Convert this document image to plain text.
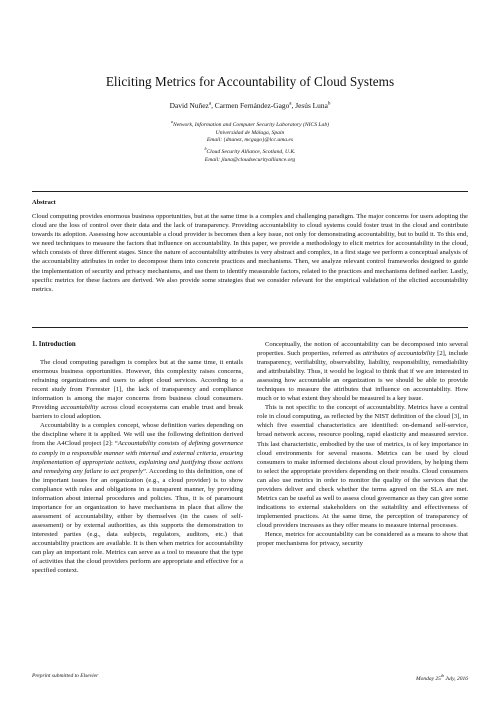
Eliciting Metrics for Accountability of Cloud Systems
David Nuñez$^a$, Carmen Fernández-Gago$^a$, Jesús Luna$^b$
$^a$Network, Information and Computer Security Laboratory (NICS Lab)
Universidad de Málaga, Spain
Email: {dnunez, mcgago}@lcc.uma.es
$^b$Cloud Security Alliance, Scotland, U.K.
Email: jluna@cloudsecurityalliance.org
Abstract

Cloud computing provides enormous business opportunities, but at the same time is a complex and challenging paradigm. The major concerns for users adopting the cloud are the loss of control over their data and the lack of transparency. Providing accountability to cloud systems could foster trust in the cloud and contribute towards its adoption. Assessing how accountable a cloud provider is becomes then a key issue, not only for demonstrating accountability, but to build it. To this end, we need techniques to measure the factors that influence on accountability. In this paper, we provide a methodology to elicit metrics for accountability in the cloud, which consists of three different stages. Since the nature of accountability attributes is very abstract and complex, in a first stage we perform a conceptual analysis of the accountability attributes in order to decompose them into concrete practices and mechanisms. Then, we analyze relevant control frameworks designed to guide the implementation of security and privacy mechanisms, and use them to identify measurable factors, related to the practices and mechanisms defined earlier. Lastly, specific metrics for these factors are derived. We also provide some strategies that we consider relevant for the empirical validation of the elicited accountability metrics.

1. Introduction

The cloud computing paradigm is complex but at the same time, it entails enormous business opportunities. However, this complexity raises concerns, refraining organizations and users to adopt cloud services. According to a recent study from Forrester [1], the lack of transparency and compliance information is among the major concerns from business cloud consumers. Providing accountability across cloud ecosystems can enable trust and break barriers to cloud adoption.

Accountability is a complex concept, whose definition varies depending on the discipline where it is applied. We will use the following definition derived from the A4Cloud project [2]: “Accountability consists of defining governance to comply in a responsible manner with internal and external criteria, ensuring implementation of appropriate actions, explaining and justifying those actions and remedying any failure to act properly”. According to this definition, one of the important issues for an organization (e.g., a cloud provider) is to show compliance with rules and obligations in a transparent manner, by providing information about internal procedures and policies. Thus, it is of paramount importance for an organization to have mechanisms in place that allow the assessment of accountability, either by themselves (in the cases of self-assessment) or by external authorities, as this supports the demonstration to interested parties (e.g., data subjects, regulators, auditors, etc.) that accountability practices are available. It is then when metrics for accountability can play an important role. Metrics can serve as a tool to measure that the type of activities that the cloud providers perform are appropriate and effective for a specified context.

Conceptually, the notion of accountability can be decomposed into several properties. Such properties, referred as attributes of accountability [2], include transparency, verifiability, observability, liability, responsibility, remediability and attributability. Thus, it would be logical to think that if we are interested in assessing how accountable an organization is we should be able to provide techniques to measure the attributes that influence on accountability. How much or to what extent they should be measured is a key issue.

This is not specific to the concept of accountability. Metrics have a central role in cloud computing, as reflected by the NIST definition of the cloud [3], in which five essential characteristics are identified: on-demand self-service, broad network access, resource pooling, rapid elasticity and measured service. This last characteristic, embodied by the use of metrics, is of key importance in cloud environments for several reasons. Metrics can be used by cloud consumers to make informed decisions about cloud providers, by helping them to select the appropriate providers depending on their results. Cloud consumers can also use metrics in order to monitor the quality of the services that the providers deliver and check whether the terms agreed on the SLA are met. Metrics can be useful as well to assess cloud governance as they can give some indications to external stakeholders on the suitability and effectiveness of implemented practices. At the same time, the perception of transparency of cloud providers increases as they offer means to measure internal processes.

Hence, metrics for accountability can be considered as a means to show that proper mechanisms for privacy, security

Preprint submitted to Elsevier	Monday 25th July, 2016
